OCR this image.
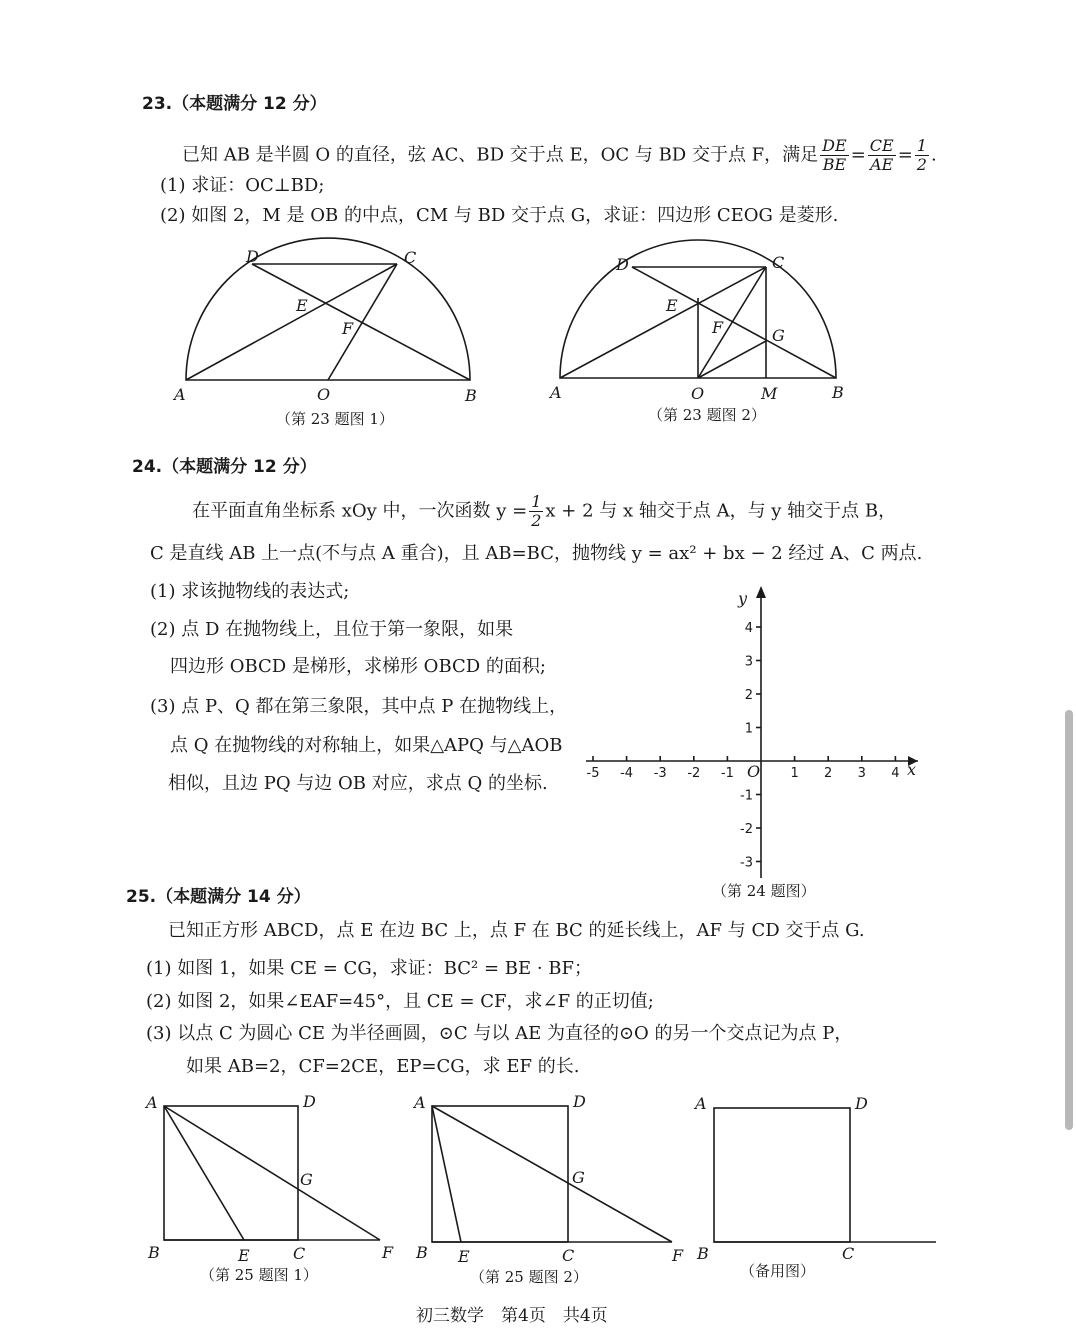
23.（本题满分 12 分）
已知 AB 是半圆 O 的直径，弦 AC、BD 交于点 E，OC 与 BD 交于点 F，满足 $\frac{DE}{BE} = \frac{CE}{AE} = \frac{1}{2}$ .
(1) 求证：OC⊥BD;
(2) 如图 2，M 是 OB 的中点，CM 与 BD 交于点 G，求证：四边形 CEOG 是菱形.
D	C
E
F
A	O	B
（第 23 题图 1）
D	C
E
F	G
A	O	M	B
（第 23 题图 2）
24.（本题满分 12 分）
在平面直角坐标系 xOy 中，一次函数 $y = \frac{1}{2}$ x + 2 与 x 轴交于点 A，与 y 轴交于点 B，
C 是直线 AB 上一点(不与点 A 重合)，且 AB=BC，抛物线 y = ax² + bx − 2 经过 A、C 两点.
(1) 求该抛物线的表达式;
(2) 点 D 在抛物线上，且位于第一象限，如果
四边形 OBCD 是梯形，求梯形 OBCD 的面积;
(3) 点 P、Q 都在第三象限，其中点 P 在抛物线上，
点 Q 在抛物线的对称轴上，如果△APQ 与△AOB
相似，且边 PQ 与边 OB 对应，求点 Q 的坐标.
x
y
O
-5 -4 -3 -2 -1	1 2 3 4
-3
-2
-1
1
2
3
4
（第 24 题图）
25.（本题满分 14 分）
已知正方形 ABCD，点 E 在边 BC 上，点 F 在 BC 的延长线上，AF 与 CD 交于点 G.
(1) 如图 1，如果 CE = CG，求证：BC² = BE · BF；
(2) 如图 2，如果∠EAF=45°，且 CE = CF，求∠F 的正切值;
(3) 以点 C 为圆心 CE 为半径画圆，⊙C 与以 AE 为直径的⊙O 的另一个交点记为点 P，
如果 AB=2，CF=2CE，EP=CG，求 EF 的长.
A	D
G
B	E	C	F
（第 25 题图 1）
A	D
G
B E	C	F
（第 25 题图 2）
A	D
B	C
（备用图）
初三数学　第4页　共4页
